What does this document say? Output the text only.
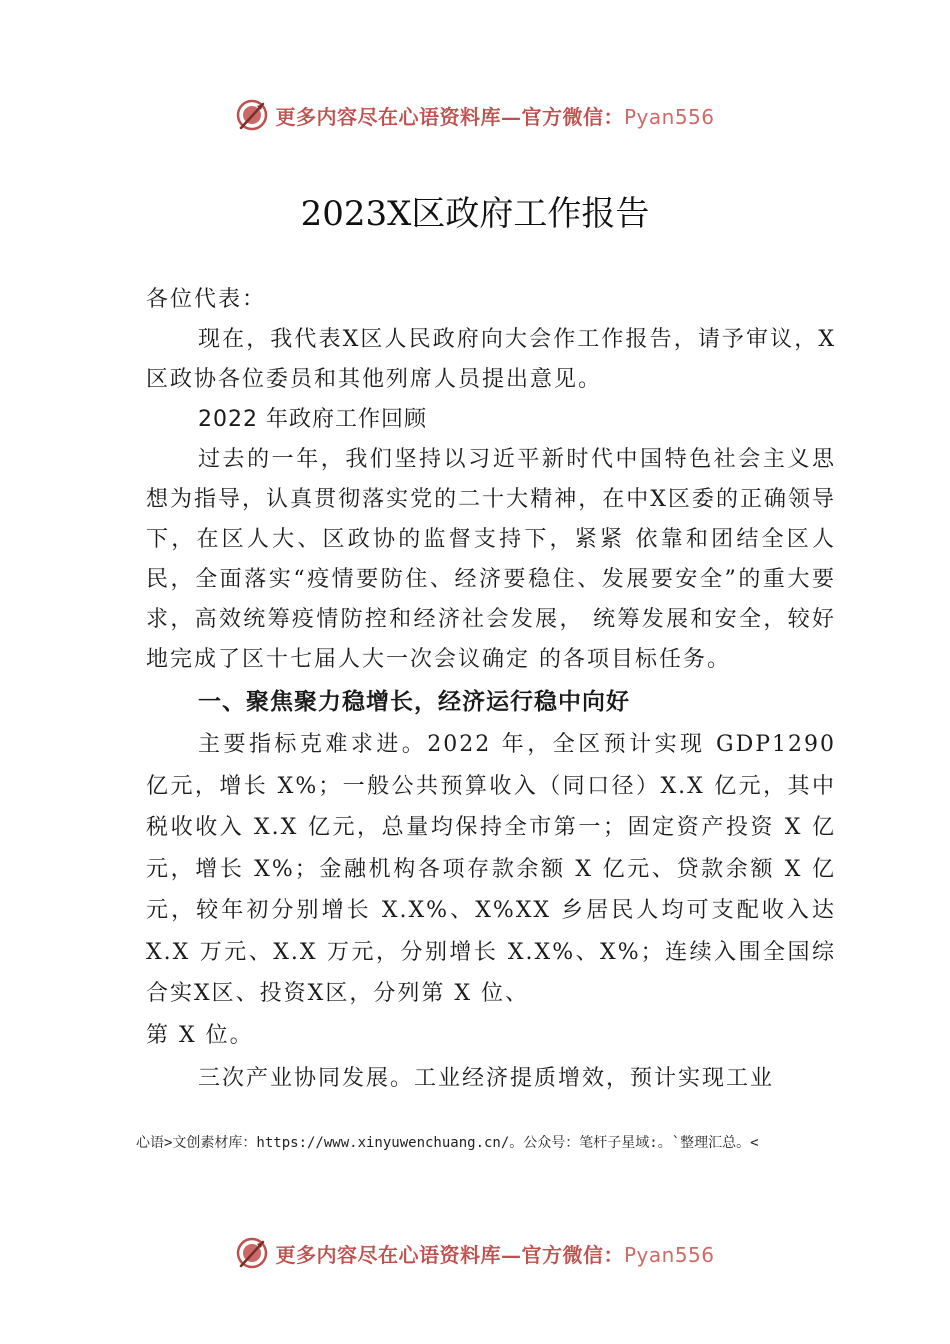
更多内容尽在心语资料库—官方微信：Pyan556
2023X区政府工作报告

各位代表：

现在，我代表X区人民政府向大会作工作报告，请予审议，X区政协各位委员和其他列席人员提出意见。

2022 年政府工作回顾

过去的一年，我们坚持以习近平新时代中国特色社会主义思想为指导，认真贯彻落实党的二十大精神，在中X区委的正确领导下，在区人大、区政协的监督支持下，紧紧 依靠和团结全区人民，全面落实“疫情要防住、经济要稳住、发展要安全”的重大要求，高效统筹疫情防控和经济社会发展， 统筹发展和安全，较好地完成了区十七届人大一次会议确定 的各项目标任务。

一、聚焦聚力稳增长，经济运行稳中向好

主要指标克难求进。2022 年，全区预计实现 GDP1290 亿元，增长 X%；一般公共预算收入（同口径）X.X 亿元，其中税收收入 X.X 亿元，总量均保持全市第一；固定资产投资 X 亿元，增长 X%；金融机构各项存款余额 X 亿元、贷款余额 X 亿元，较年初分别增长 X.X%、X%XX 乡居民人均可支配收入达 X.X 万元、X.X 万元，分别增长 X.X%、X%；连续入围全国综合实X区、投资X区，分列第 X 位、

第 X 位。

三次产业协同发展。工业经济提质增效，预计实现工业

心语>文创素材库：https://www.xinyuwenchuang.cn/。公众号：笔杆子星域:。`整理汇总。<
更多内容尽在心语资料库—官方微信：Pyan556
